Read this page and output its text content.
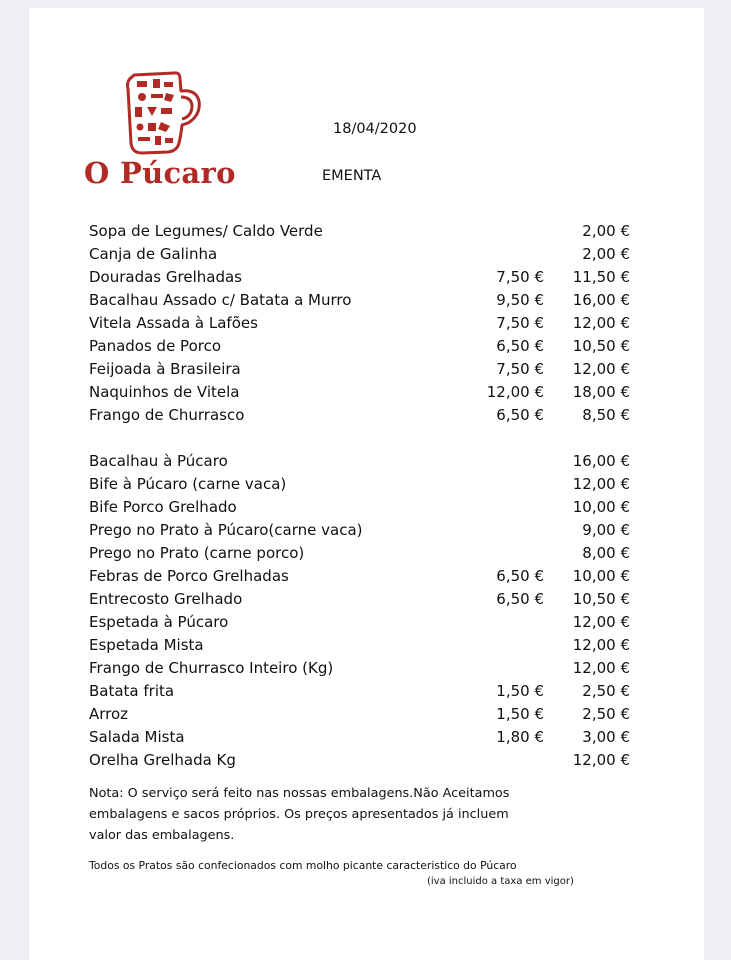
O Púcaro
18/04/2020
EMENTA
Sopa de Legumes/ Caldo Verde	2,00 €
Canja de Galinha	2,00 €
Douradas Grelhadas	7,50 € 11,50 €
Bacalhau Assado c/ Batata a Murro	9,50 € 16,00 €
Vitela Assada à Lafões	7,50 € 12,00 €
Panados de Porco	6,50 € 10,50 €
Feijoada à Brasileira	7,50 € 12,00 €
Naquinhos de Vitela	12,00 € 18,00 €
Frango de Churrasco	6,50 €	8,50 €
Bacalhau à Púcaro	16,00 €
Bife à Púcaro (carne vaca)	12,00 €
Bife Porco Grelhado	10,00 €
Prego no Prato à Púcaro(carne vaca)	9,00 €
Prego no Prato (carne porco)	8,00 €
Febras de Porco Grelhadas	6,50 € 10,00 €
Entrecosto Grelhado	6,50 € 10,50 €
Espetada à Púcaro	12,00 €
Espetada Mista	12,00 €
Frango de Churrasco Inteiro (Kg)	12,00 €
Batata frita	1,50 €	2,50 €
Arroz	1,50 €	2,50 €
Salada Mista	1,80 €	3,00 €
Orelha Grelhada Kg	12,00 €
Nota: O serviço será feito nas nossas embalagens.Não Aceitamos embalagens e sacos próprios. Os preços apresentados já incluem valor das embalagens.
Todos os Pratos são confecionados com molho picante caracteristico do Púcaro
(iva incluido a taxa em vigor)
